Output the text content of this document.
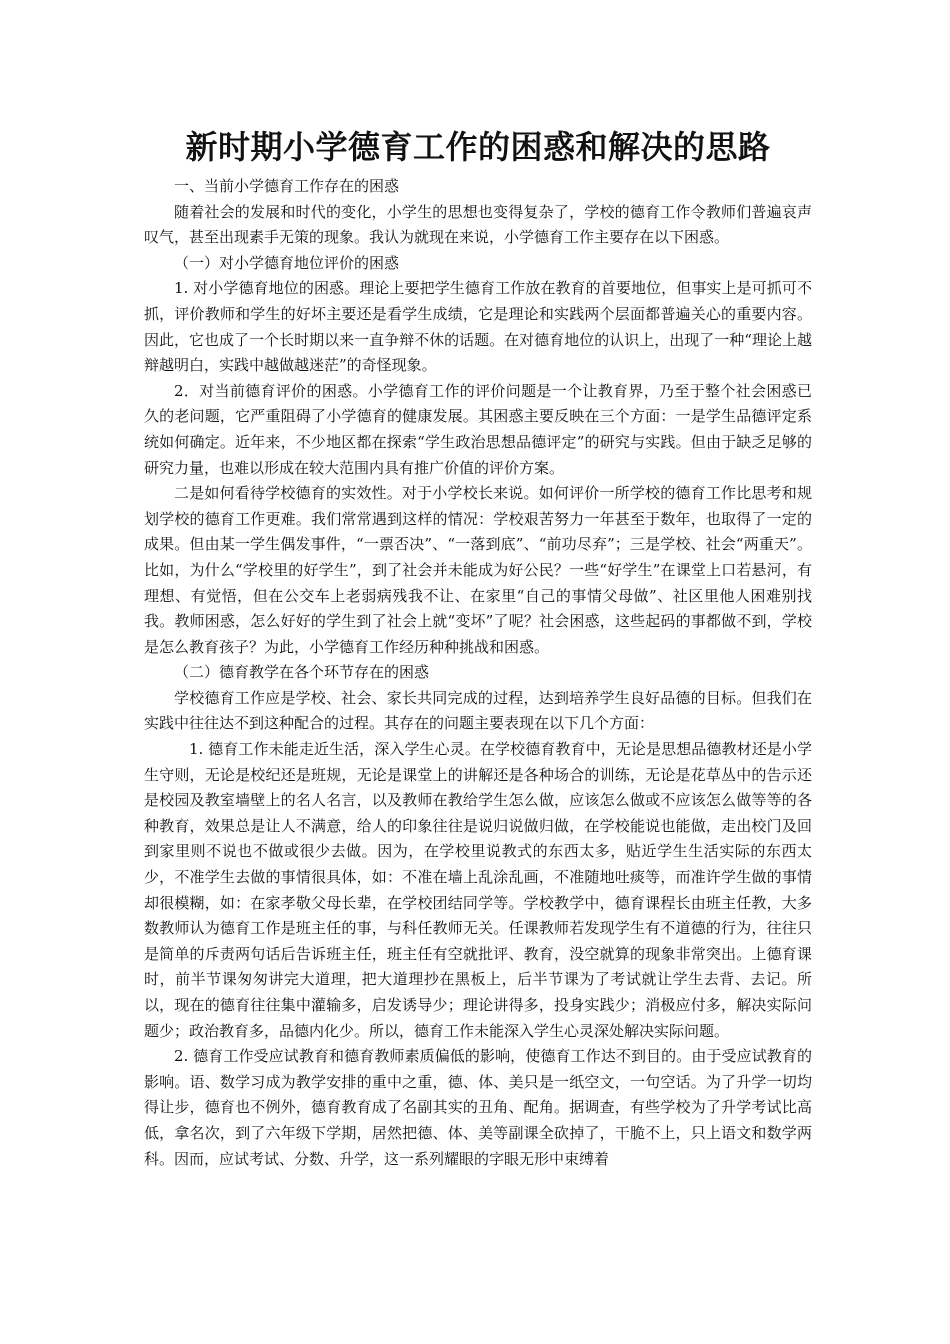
新时期小学德育工作的困惑和解决的思路

一、当前小学德育工作存在的困惑

随着社会的发展和时代的变化，小学生的思想也变得复杂了，学校的德育工作令教师们普遍哀声叹气，甚至出现素手无策的现象。我认为就现在来说，小学德育工作主要存在以下困惑。

（一）对小学德育地位评价的困惑

1. 对小学德育地位的困惑。理论上要把学生德育工作放在教育的首要地位，但事实上是可抓可不抓，评价教师和学生的好坏主要还是看学生成绩，它是理论和实践两个层面都普遍关心的重要内容。因此，它也成了一个长时期以来一直争辩不休的话题。在对德育地位的认识上，出现了一种“理论上越辩越明白，实践中越做越迷茫”的奇怪现象。

2．对当前德育评价的困惑。小学德育工作的评价问题是一个让教育界，乃至于整个社会困惑已久的老问题，它严重阻碍了小学德育的健康发展。其困惑主要反映在三个方面：一是学生品德评定系统如何确定。近年来，不少地区都在探索“学生政治思想品德评定”的研究与实践。但由于缺乏足够的研究力量，也难以形成在较大范围内具有推广价值的评价方案。

二是如何看待学校德育的实效性。对于小学校长来说。如何评价一所学校的德育工作比思考和规划学校的德育工作更难。我们常常遇到这样的情况：学校艰苦努力一年甚至于数年，也取得了一定的成果。但由某一学生偶发事件，“一票否决”、“一落到底”、“前功尽弃”；三是学校、社会“两重天”。比如，为什么“学校里的好学生”，到了社会并未能成为好公民？一些“好学生”在课堂上口若悬河，有理想、有觉悟，但在公交车上老弱病残我不让、在家里“自己的事情父母做”、社区里他人困难别找我。教师困惑，怎么好好的学生到了社会上就“变坏”了呢？社会困惑，这些起码的事都做不到，学校是怎么教育孩子？为此，小学德育工作经历种种挑战和困惑。

（二）德育教学在各个环节存在的困惑

学校德育工作应是学校、社会、家长共同完成的过程，达到培养学生良好品德的目标。但我们在实践中往往达不到这种配合的过程。其存在的问题主要表现在以下几个方面：

1. 德育工作未能走近生活，深入学生心灵。在学校德育教育中，无论是思想品德教材还是小学生守则，无论是校纪还是班规，无论是课堂上的讲解还是各种场合的训练，无论是花草丛中的告示还是校园及教室墙壁上的名人名言，以及教师在教给学生怎么做，应该怎么做或不应该怎么做等等的各种教育，效果总是让人不满意，给人的印象往往是说归说做归做，在学校能说也能做，走出校门及回到家里则不说也不做或很少去做。因为，在学校里说教式的东西太多，贴近学生生活实际的东西太少，不准学生去做的事情很具体，如：不准在墙上乱涂乱画，不准随地吐痰等，而准许学生做的事情却很模糊，如：在家孝敬父母长辈，在学校团结同学等。学校教学中，德育课程长由班主任教，大多数教师认为德育工作是班主任的事，与科任教师无关。任课教师若发现学生有不道德的行为，往往只是简单的斥责两句话后告诉班主任，班主任有空就批评、教育，没空就算的现象非常突出。上德育课时，前半节课匆匆讲完大道理，把大道理抄在黑板上，后半节课为了考试就让学生去背、去记。所以，现在的德育往往集中灌输多，启发诱导少；理论讲得多，投身实践少；消极应付多，解决实际问题少；政治教育多，品德内化少。所以，德育工作未能深入学生心灵深处解决实际问题。

2. 德育工作受应试教育和德育教师素质偏低的影响，使德育工作达不到目的。由于受应试教育的影响。语、数学习成为教学安排的重中之重，德、体、美只是一纸空文，一句空话。为了升学一切均得让步，德育也不例外，德育教育成了名副其实的丑角、配角。据调查，有些学校为了升学考试比高低，拿名次，到了六年级下学期，居然把德、体、美等副课全砍掉了，干脆不上，只上语文和数学两科。因而，应试考试、分数、升学，这一系列耀眼的字眼无形中束缚着
